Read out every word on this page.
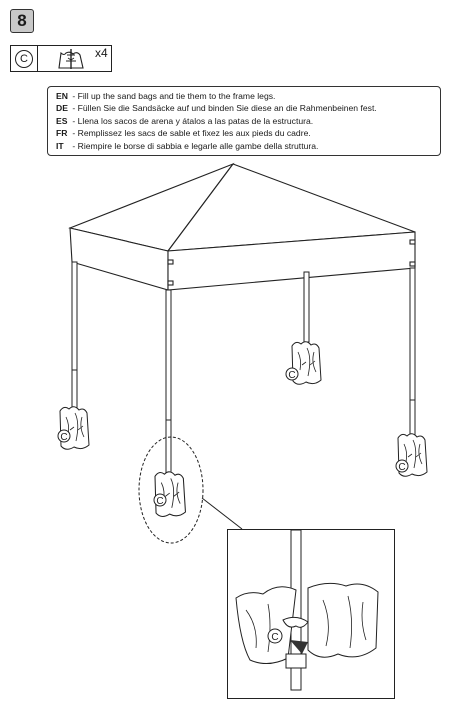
8
C	x4
EN - Fill up the sand bags and tie them to the frame legs.
DE - Füllen Sie die Sandsäcke auf und binden Sie diese an die Rahmenbeinen fest.
ES - Llena los sacos de arena y átalos a las patas de la estructura.
FR - Remplissez les sacs de sable et fixez les aux pieds du cadre.
IT - Riempire le borse di sabbia e legarle alle gambe della struttura.
C
C
C
C
C
